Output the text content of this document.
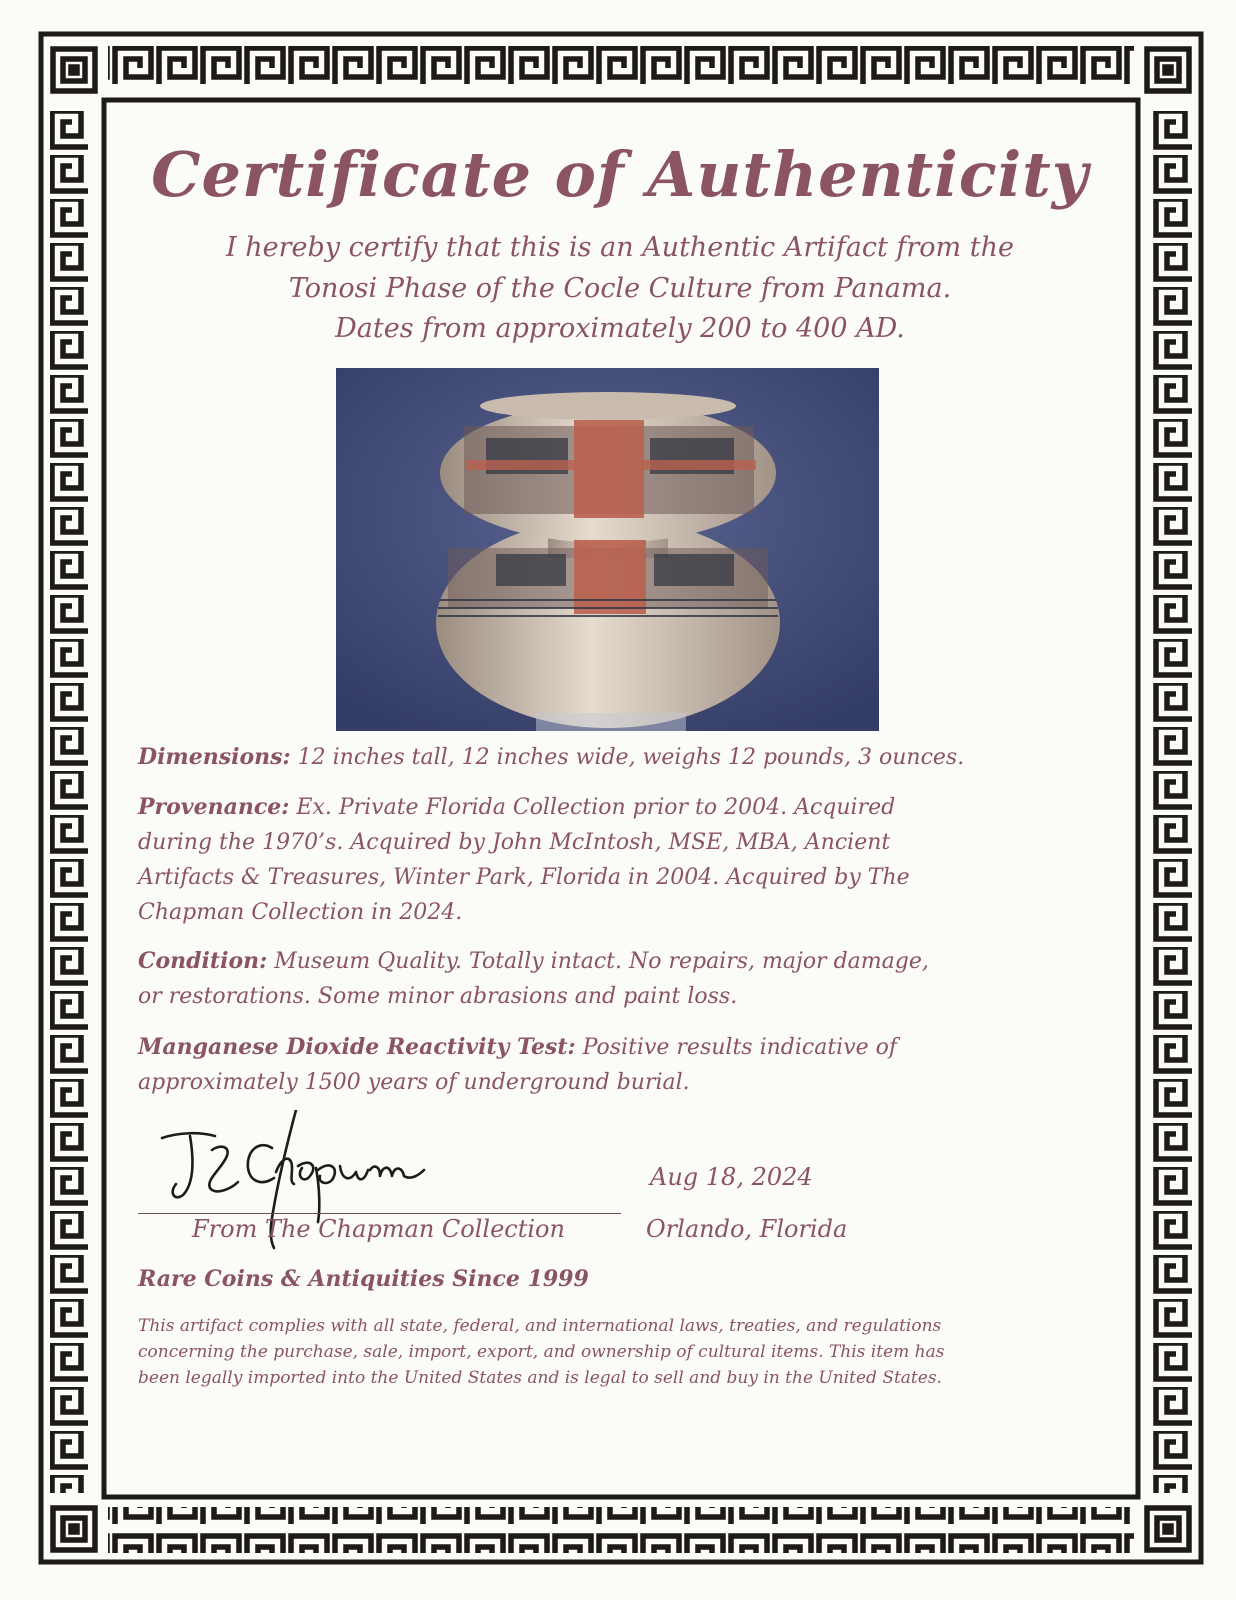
Certificate of Authenticity
I hereby certify that this is an Authentic Artifact from the
Tonosi Phase of the Cocle Culture from Panama.
Dates from approximately 200 to 400 AD.
Dimensions: 12 inches tall, 12 inches wide, weighs 12 pounds, 3 ounces.
Provenance: Ex. Private Florida Collection prior to 2004. Acquired
during the 1970’s. Acquired by John McIntosh, MSE, MBA, Ancient
Artifacts & Treasures, Winter Park, Florida in 2004. Acquired by The
Chapman Collection in 2024.
Condition: Museum Quality. Totally intact. No repairs, major damage,
or restorations. Some minor abrasions and paint loss.
Manganese Dioxide Reactivity Test: Positive results indicative of
approximately 1500 years of underground burial.
From The Chapman Collection
Aug 18, 2024
Orlando, Florida
Rare Coins & Antiquities Since 1999
This artifact complies with all state, federal, and international laws, treaties, and regulations
concerning the purchase, sale, import, export, and ownership of cultural items. This item has
been legally imported into the United States and is legal to sell and buy in the United States.
